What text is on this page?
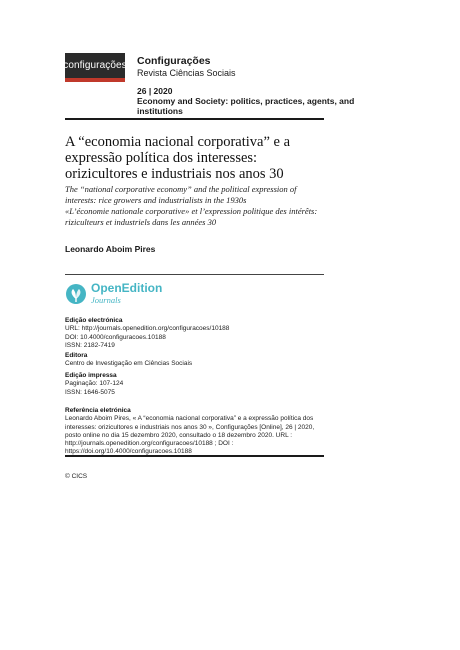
configurações Configurações
Revista Ciências Sociais
26 | 2020
Economy and Society: politics, practices, agents, and institutions
A “economia nacional corporativa” e a expressão política dos interesses: orizicultores e industriais nos anos 30
The “national corporative economy” and the political expression of interests: rice growers and industrialists in the 1930s
«L’économie nationale corporative» et l’expression politique des intérêts: riziculteurs et industriels dans les années 30
Leonardo Aboim Pires
OpenEdition
Journals
Edição electrónica
URL: http://journals.openedition.org/configuracoes/10188
DOI: 10.4000/configuracoes.10188
ISSN: 2182-7419
Editora
Centro de Investigação em Ciências Sociais
Edição impressa
Paginação: 107-124
ISSN: 1646-5075
Referência eletrónica
Leonardo Aboim Pires, « A “economia nacional corporativa” e a expressão política dos interesses: orizicultores e industriais nos anos 30 », Configurações [Online], 26 | 2020, posto online no dia 15 dezembro 2020, consultado o 18 dezembro 2020. URL : http://journals.openedition.org/configuracoes/10188 ; DOI : https://doi.org/10.4000/configuracoes.10188
© CICS
